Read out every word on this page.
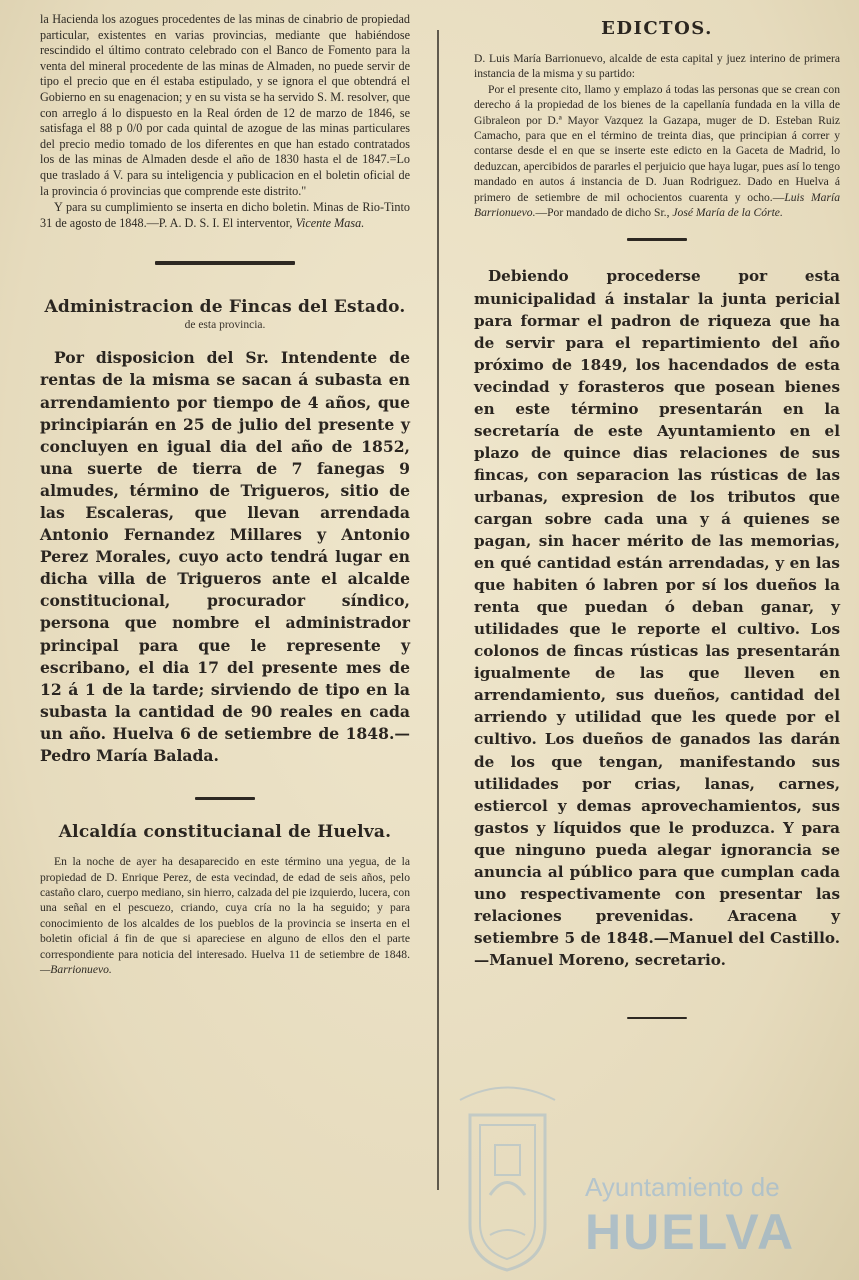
la Hacienda los azogues procedentes de las minas de cinabrio de propiedad particular, existentes en varias provincias, mediante que habiéndose rescindido el último contrato celebrado con el Banco de Fomento para la venta del mineral procedente de las minas de Almaden, no puede servir de tipo el precio que en él estaba estipulado, y se ignora el que obtendrá el Gobierno en su enagenacion; y en su vista se ha servido S. M. resolver, que con arreglo á lo dispuesto en la Real órden de 12 de marzo de 1846, se satisfaga el 88 p 0/0 por cada quintal de azogue de las minas particulares del precio medio tomado de los diferentes en que han estado contratados los de las minas de Almaden desde el año de 1830 hasta el de 1847.=Lo que traslado á V. para su inteligencia y publicacion en el boletin oficial de la provincia ó provincias que comprende este distrito."

Y para su cumplimiento se inserta en dicho boletin. Minas de Rio-Tinto 31 de agosto de 1848.—P. A. D. S. I. El interventor, Vicente Masa.

Administracion de Fincas del Estado.

de esta provincia.

Por disposicion del Sr. Intendente de rentas de la misma se sacan á subasta en arrendamiento por tiempo de 4 años, que principiarán en 25 de julio del presente y concluyen en igual dia del año de 1852, una suerte de tierra de 7 fanegas 9 almudes, término de Trigueros, sitio de las Escaleras, que llevan arrendada Antonio Fernandez Millares y Antonio Perez Morales, cuyo acto tendrá lugar en dicha villa de Trigueros ante el alcalde constitucional, procurador síndico, persona que nombre el administrador principal para que le represente y escribano, el dia 17 del presente mes de 12 á 1 de la tarde; sirviendo de tipo en la subasta la cantidad de 90 reales en cada un año. Huelva 6 de setiembre de 1848.—Pedro María Balada.

Alcaldía constitucianal de Huelva.

En la noche de ayer ha desaparecido en este término una yegua, de la propiedad de D. Enrique Perez, de esta vecindad, de edad de seis años, pelo castaño claro, cuerpo mediano, sin hierro, calzada del pie izquierdo, lucera, con una señal en el pescuezo, criando, cuya cría no la ha seguido; y para conocimiento de los alcaldes de los pueblos de la provincia se inserta en el boletin oficial á fin de que si apareciese en alguno de ellos den el parte correspondiente para noticia del interesado. Huelva 11 de setiembre de 1848. —Barrionuevo.

EDICTOS.

D. Luis María Barrionuevo, alcalde de esta capital y juez interino de primera instancia de la misma y su partido:

Por el presente cito, llamo y emplazo á todas las personas que se crean con derecho á la propiedad de los bienes de la capellanía fundada en la villa de Gibraleon por D.ª Mayor Vazquez la Gazapa, muger de D. Esteban Ruiz Camacho, para que en el término de treinta dias, que principian á correr y contarse desde el en que se inserte este edicto en la Gaceta de Madrid, lo deduzcan, apercibidos de pararles el perjuicio que haya lugar, pues así lo tengo mandado en autos á instancia de D. Juan Rodriguez. Dado en Huelva á primero de setiembre de mil ochocientos cuarenta y ocho.—Luis María Barrionuevo.—Por mandado de dicho Sr., José María de la Córte.

Debiendo procederse por esta municipalidad á instalar la junta pericial para formar el padron de riqueza que ha de servir para el repartimiento del año próximo de 1849, los hacendados de esta vecindad y forasteros que posean bienes en este término presentarán en la secretaría de este Ayuntamiento en el plazo de quince dias relaciones de sus fincas, con separacion las rústicas de las urbanas, expresion de los tributos que cargan sobre cada una y á quienes se pagan, sin hacer mérito de las memorias, en qué cantidad están arrendadas, y en las que habiten ó labren por sí los dueños la renta que puedan ó deban ganar, y utilidades que le reporte el cultivo. Los colonos de fincas rústicas las presentarán igualmente de las que lleven en arrendamiento, sus dueños, cantidad del arriendo y utilidad que les quede por el cultivo. Los dueños de ganados las darán de los que tengan, manifestando sus utilidades por crias, lanas, carnes, estiercol y demas aprovechamientos, sus gastos y líquidos que le produzca. Y para que ninguno pueda alegar ignorancia se anuncia al público para que cumplan cada uno respectivamente con presentar las relaciones prevenidas. Aracena y setiembre 5 de 1848.—Manuel del Castillo.—Manuel Moreno, secretario.

Ayuntamiento de
HUELVA
